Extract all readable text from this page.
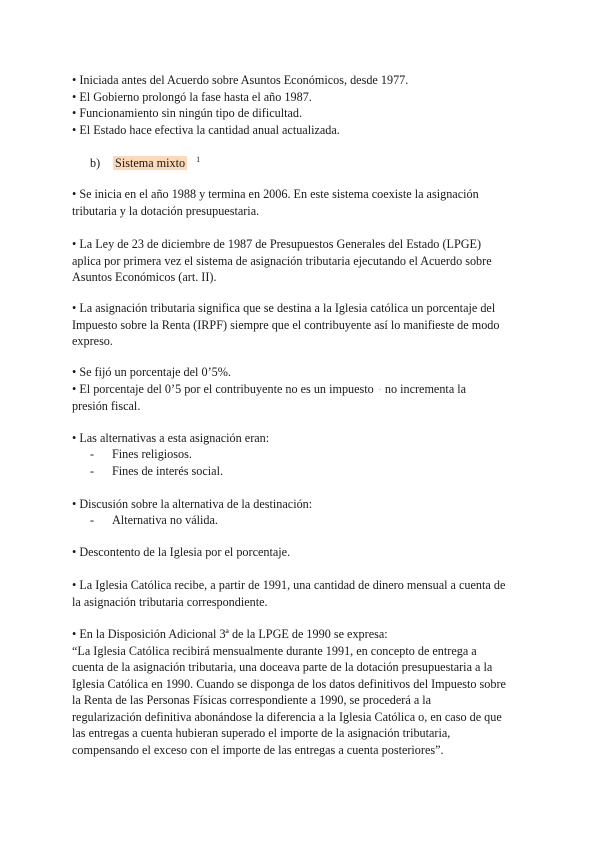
• Iniciada antes del Acuerdo sobre Asuntos Económicos, desde 1977.
• El Gobierno prolongó la fase hasta el año 1987.
• Funcionamiento sin ningún tipo de dificultad.
• El Estado hace efectiva la cantidad anual actualizada.
b) Sistema mixto $^1$
• Se inicia en el año 1988 y termina en 2006. En este sistema coexiste la asignación
tributaria y la dotación presupuestaria.
• La Ley de 23 de diciembre de 1987 de Presupuestos Generales del Estado (LPGE)
aplica por primera vez el sistema de asignación tributaria ejecutando el Acuerdo sobre
Asuntos Económicos (art. II).
• La asignación tributaria significa que se destina a la Iglesia católica un porcentaje del
Impuesto sobre la Renta (IRPF) siempre que el contribuyente así lo manifieste de modo
expreso.
• Se fijó un porcentaje del 0’5%.
• El porcentaje del 0’5 por el contribuyente no es un impuesto → no incrementa la
presión fiscal.
• Las alternativas a esta asignación eran:
- Fines religiosos.
- Fines de interés social.
• Discusión sobre la alternativa de la destinación:
- Alternativa no válida.
• Descontento de la Iglesia por el porcentaje.
• La Iglesia Católica recibe, a partir de 1991, una cantidad de dinero mensual a cuenta de
la asignación tributaria correspondiente.
• En la Disposición Adicional 3ª de la LPGE de 1990 se expresa:
“La Iglesia Católica recibirá mensualmente durante 1991, en concepto de entrega a
cuenta de la asignación tributaria, una doceava parte de la dotación presupuestaria a la
Iglesia Católica en 1990. Cuando se disponga de los datos definitivos del Impuesto sobre
la Renta de las Personas Físicas correspondiente a 1990, se procederá a la
regularización definitiva abonándose la diferencia a la Iglesia Católica o, en caso de que
las entregas a cuenta hubieran superado el importe de la asignación tributaria,
compensando el exceso con el importe de las entregas a cuenta posteriores”.
